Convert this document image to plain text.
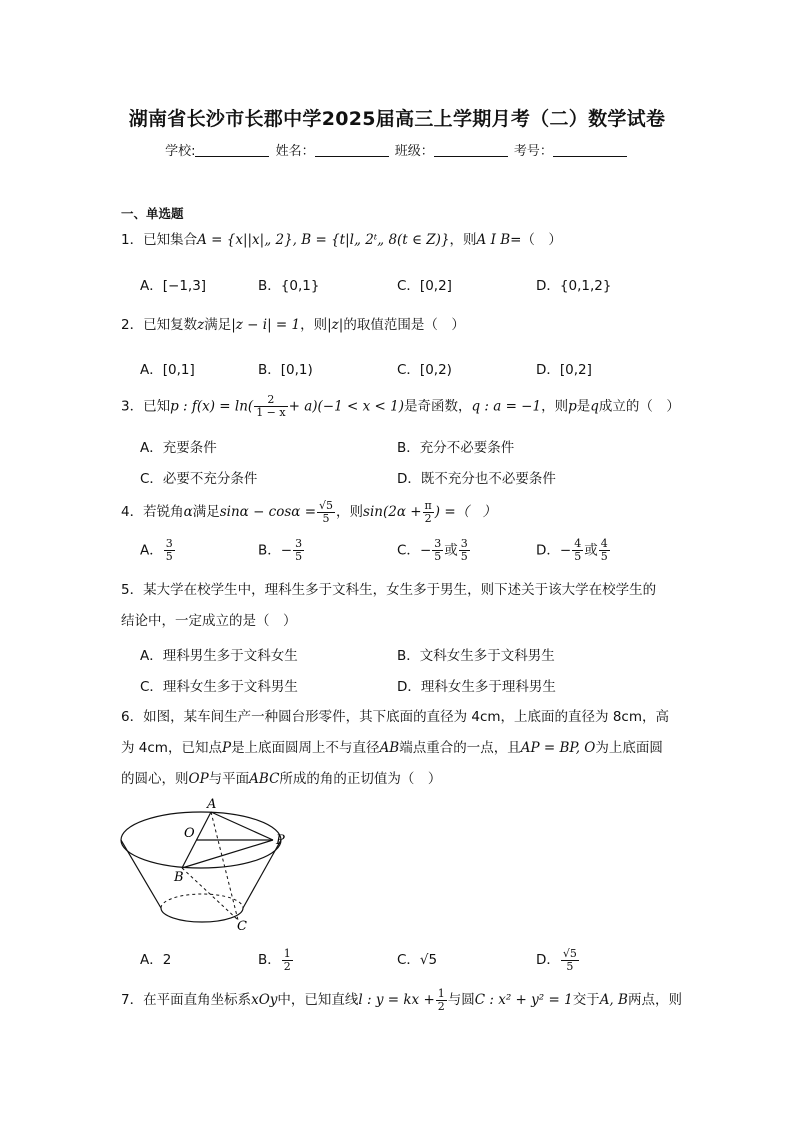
湖南省长沙市长郡中学2025届高三上学期月考（二）数学试卷
学校:	姓名：	班级：	考号：
一、单选题
1．已知集合A = {x||x|„ 2}, B = {t|l„ 2ᵗ„ 8(t ∈ Z)}，则A I B=（　）
A．[−1,3]	B．{0,1}	C．[0,2]	D．{0,1,2}
2．已知复数z满足|z − i| = 1，则|z|的取值范围是（　）
A．[0,1]	B．[0,1)	C．[0,2)	D．[0,2]
3．已知p : $f(x) = \ln( \frac{2}{1 - x} + a)(-1 < x < 1)$是奇函数，q : a = −1，则p是q成立的（　）
A．充要条件	B．充分不必要条件
C．必要不充分条件	D．既不充分也不必要条件
4．若锐角α满足$\sin\alpha - \cos\alpha = \frac{√5}{5}$ ，则$\sin(2\alpha + \frac{\pi}{2}$ ) =（　）
A． $\frac{3}{5}$	B．− $\frac{3}{5}$	C．− $\frac{3}{5}$ 或 $\frac{3}{5}$	D．− $\frac{4}{5}$ 或 $\frac{4}{5}$
5．某大学在校学生中，理科生多于文科生，女生多于男生，则下述关于该大学在校学生的
结论中，一定成立的是（　）
A．理科男生多于文科女生	B．文科女生多于文科男生
C．理科女生多于文科男生	D．理科女生多于理科男生
6．如图，某车间生产一种圆台形零件，其下底面的直径为 4cm，上底面的直径为 8cm，高
为 4cm，已知点P是上底面圆周上不与直径AB端点重合的一点，且AP = BP, O为上底面圆
的圆心，则OP与平面ABC所成的角的正切值为（　）
A
O	P
B
C
A．2	B． $\frac{1}{2}$	C．√5	D． $\frac{√5}{5}$
7．在平面直角坐标系xOy中，已知直线l : y = kx + $\frac{1}{2}$ 与圆C : x² + y² = 1交于A, B两点，则
